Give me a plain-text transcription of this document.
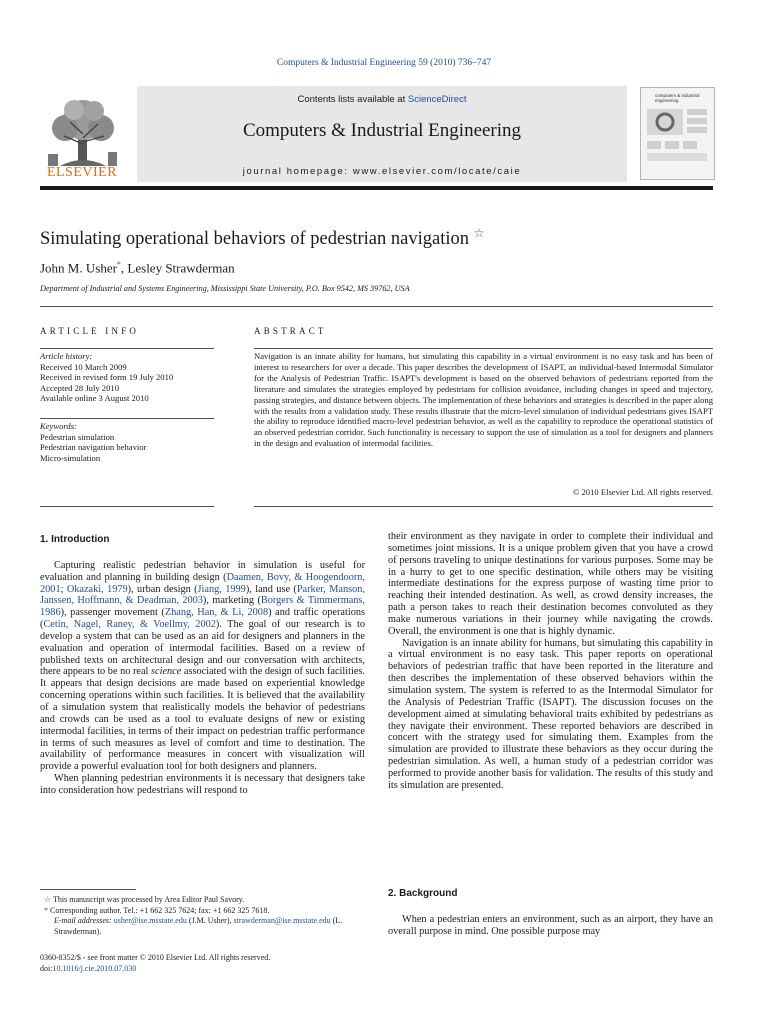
Computers & Industrial Engineering 59 (2010) 736–747
ELSEVIER
Contents lists available at ScienceDirect
Computers & Industrial Engineering
journal homepage: www.elsevier.com/locate/caie
computers & industrial engineering
Simulating operational behaviors of pedestrian navigation ☆
John M. Usher*, Lesley Strawderman
Department of Industrial and Systems Engineering, Mississippi State University, P.O. Box 9542, MS 39762, USA
ARTICLE INFO	ABSTRACT
Article history:
Received 10 March 2009
Received in revised form 19 July 2010
Accepted 28 July 2010
Available online 3 August 2010
Keywords:
Pedestrian simulation
Pedestrian navigation behavior
Micro-simulation
Navigation is an innate ability for humans, but simulating this capability in a virtual environment is no easy task and has been of interest to researchers for over a decade. This paper describes the development of ISAPT, an individual-based Intermodal Simulator for the Analysis of Pedestrian Traffic. ISAPT's development is based on the observed behaviors of pedestrians reported from the literature and simulates the strategies employed by pedestrians for collision avoidance, including changes in speed and trajectory, passing strategies, and distance between objects. The implementation of these behaviors and strategies is described in the paper along with the results from a validation study. These results illustrate that the micro-level simulation of individual pedestrians gives ISAPT the ability to reproduce identified macro-level pedestrian behavior, as well as the capability to reproduce the operational statistics of an observed pedestrian corridor. Such functionality is necessary to support the use of simulation as a tool for designers and planners in the design and evaluation of intermodal facilities.
© 2010 Elsevier Ltd. All rights reserved.
1. Introduction

Capturing realistic pedestrian behavior in simulation is useful for evaluation and planning in building design (Daamen, Bovy, & Hoogendoorn, 2001; Okazaki, 1979), urban design (Jiang, 1999), land use (Parker, Manson, Janssen, Hoffmann, & Deadman, 2003), marketing (Borgers & Timmermans, 1986), passenger movement (Zhang, Han, & Li, 2008) and traffic operations (Cetin, Nagel, Raney, & Voellmy, 2002). The goal of our research is to develop a system that can be used as an aid for designers and planners in the evaluation and operation of intermodal facilities. Based on a review of published texts on architectural design and our conversation with architects, there appears to be no real science associated with the design of such facilities. It appears that design decisions are made based on experiential knowledge concerning operations within such facilities. It is believed that the availability of a simulation system that realistically models the behavior of pedestrians and crowds can be used as a tool to evaluate designs of new or existing intermodal facilities, in terms of their impact on pedestrian traffic performance in terms of such measures as level of comfort and time to destination. The availability of performance measures in concert with visualization will provide a powerful evaluation tool for both designers and planners.

When planning pedestrian environments it is necessary that designers take into consideration how pedestrians will respond to

their environment as they navigate in order to complete their individual and sometimes joint missions. It is a unique problem given that you have a crowd of persons traveling to unique destinations for various purposes. Some may be in a hurry to get to one specific destination, while others may be visiting intermediate destinations for the express purpose of wasting time prior to reaching their intended destination. As well, as crowd density increases, the path a person takes to reach their destination becomes convoluted as they make numerous variations in their journey while navigating the crowds. Overall, the environment is one that is highly dynamic.

Navigation is an innate ability for humans, but simulating this capability in a virtual environment is no easy task. This paper reports on operational behaviors of pedestrian traffic that have been reported in the literature and then describes the implementation of these observed behaviors within the simulation system. The system is referred to as the Intermodal Simulator for the Analysis of Pedestrian Traffic (ISAPT). The discussion focuses on the development aimed at simulating behavioral traits exhibited by pedestrians as they navigate their environment. These reported behaviors are described in concert with the strategy used for simulating them. Examples from the simulation are provided to illustrate these behaviors as they occur during the pedestrian simulation. As well, a human study of a pedestrian corridor was performed to provide another basis for validation. The results of this study and its simulation are presented.

2. Background

When a pedestrian enters an environment, such as an airport, they have an overall purpose in mind. One possible purpose may

☆ This manuscript was processed by Area Editor Paul Savory.
* Corresponding author. Tel.: +1 662 325 7624; fax: +1 662 325 7618.
E-mail addresses: usher@ise.msstate.edu (J.M. Usher), strawderman@ise.msstate.edu (L. Strawderman).
0360-8352/$ - see front matter © 2010 Elsevier Ltd. All rights reserved.
doi:10.1016/j.cie.2010.07.030
